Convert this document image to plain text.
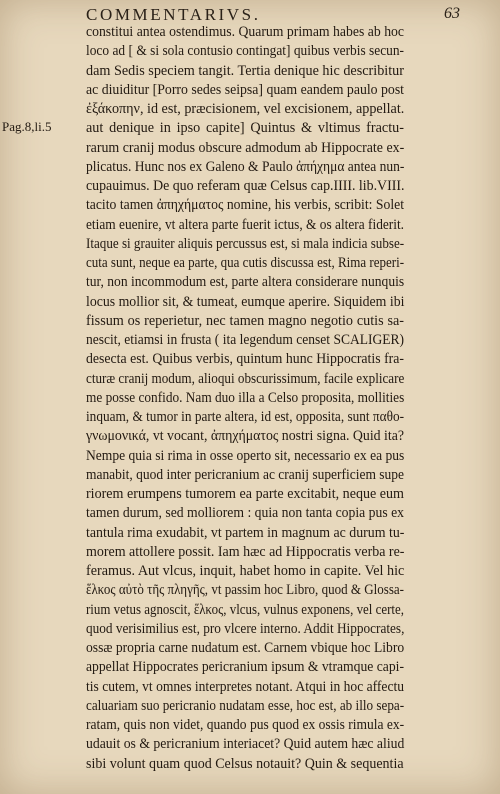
COMMENTARIVS.	63
Pag.8,li.5
constitui antea ostendimus. Quarum primam habes ab hoc
loco ad [ & si sola contusio contingat] quibus verbis secun-
dam Sedis speciem tangit. Tertia denique hic describitur
ac diuiditur [Porro sedes seipsa] quam eandem paulo post
ἐξάκοπην, id est, præcisionem, vel excisionem, appellat.
aut denique in ipso capite] Quintus & vltimus fractu-
rarum cranij modus obscure admodum ab Hippocrate ex-
plicatus. Hunc nos ex Galeno & Paulo ἀπήχημα antea nun-
cupauimus. De quo referam quæ Celsus cap.IIII. lib.VIII.
tacito tamen ἀπηχήματος nomine, his verbis, scribit: Solet
etiam euenire, vt altera parte fuerit ictus, & os altera fiderit.
Itaque si grauiter aliquis percussus est, si mala indicia subse-
cuta sunt, neque ea parte, qua cutis discussa est, Rima reperi-
tur, non incommodum est, parte altera considerare nunquis
locus mollior sit, & tumeat, eumque aperire. Siquidem ibi
fissum os reperietur, nec tamen magno negotio cutis sa-
nescit, etiamsi in frusta ( ita legendum censet SCALIGER)
desecta est. Quibus verbis, quintum hunc Hippocratis fra-
cturæ cranij modum, alioqui obscurissimum, facile explicare
me posse confido. Nam duo illa a Celso proposita, mollities
inquam, & tumor in parte altera, id est, opposita, sunt παθο-
γνωμονικά, vt vocant, ἀπηχήματος nostri signa. Quid ita?
Nempe quia si rima in osse operto sit, necessario ex ea pus
manabit, quod inter pericranium ac cranij superficiem supe
riorem erumpens tumorem ea parte excitabit, neque eum
tamen durum, sed molliorem : quia non tanta copia pus ex
tantula rima exudabit, vt partem in magnum ac durum tu-
morem attollere possit. Iam hæc ad Hippocratis verba re-
feramus. Aut vlcus, inquit, habet homo in capite. Vel hic
ἕλκος αὐτὸ τῆς πληγῆς, vt passim hoc Libro, quod & Glossa-
rium vetus agnoscit, ἕλκος, vlcus, vulnus exponens, vel certe,
quod verisimilius est, pro vlcere interno. Addit Hippocrates,
ossæ propria carne nudatum est. Carnem vbique hoc Libro
appellat Hippocrates pericranium ipsum & vtramque capi-
tis cutem, vt omnes interpretes notant. Atqui in hoc affectu
caluariam suo pericranio nudatam esse, hoc est, ab illo sepa-
ratam, quis non videt, quando pus quod ex ossis rimula ex-
udauit os & pericranium interiacet? Quid autem hæc aliud
sibi volunt quam quod Celsus notauit? Quin & sequentia
